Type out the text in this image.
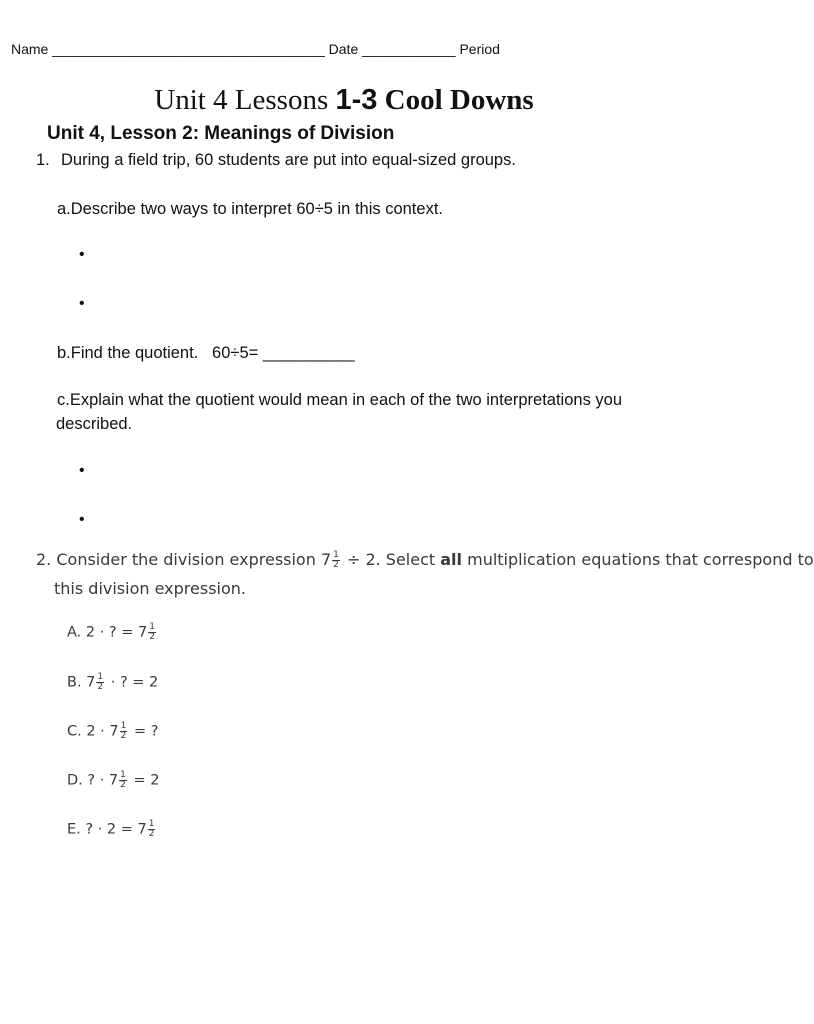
Name ___________________________________ Date ____________ Period
Unit 4 Lessons 1-3 Cool Downs
Unit 4, Lesson 2: Meanings of Division
1. During a field trip, 60 students are put into equal-sized groups.
a.Describe two ways to interpret 60÷5 in this context.
•
•
b.Find the quotient. 60÷5= __________
c.Explain what the quotient would mean in each of the two interpretations you
described.
•
•
2. Consider the division expression $7 \frac{1}{2} \div 2$. Select all multiplication equations that correspond to
this division expression.
A. 2 · ? = $7 \frac{1}{2}$
B. $7 \frac{1}{2}$ · ? = 2
C. $2 \cdot 7 \frac{1}{2}$ = ?
D. ? · $7 \frac{1}{2} = 2$
E. ? · $2 = 7 \frac{1}{2}$
